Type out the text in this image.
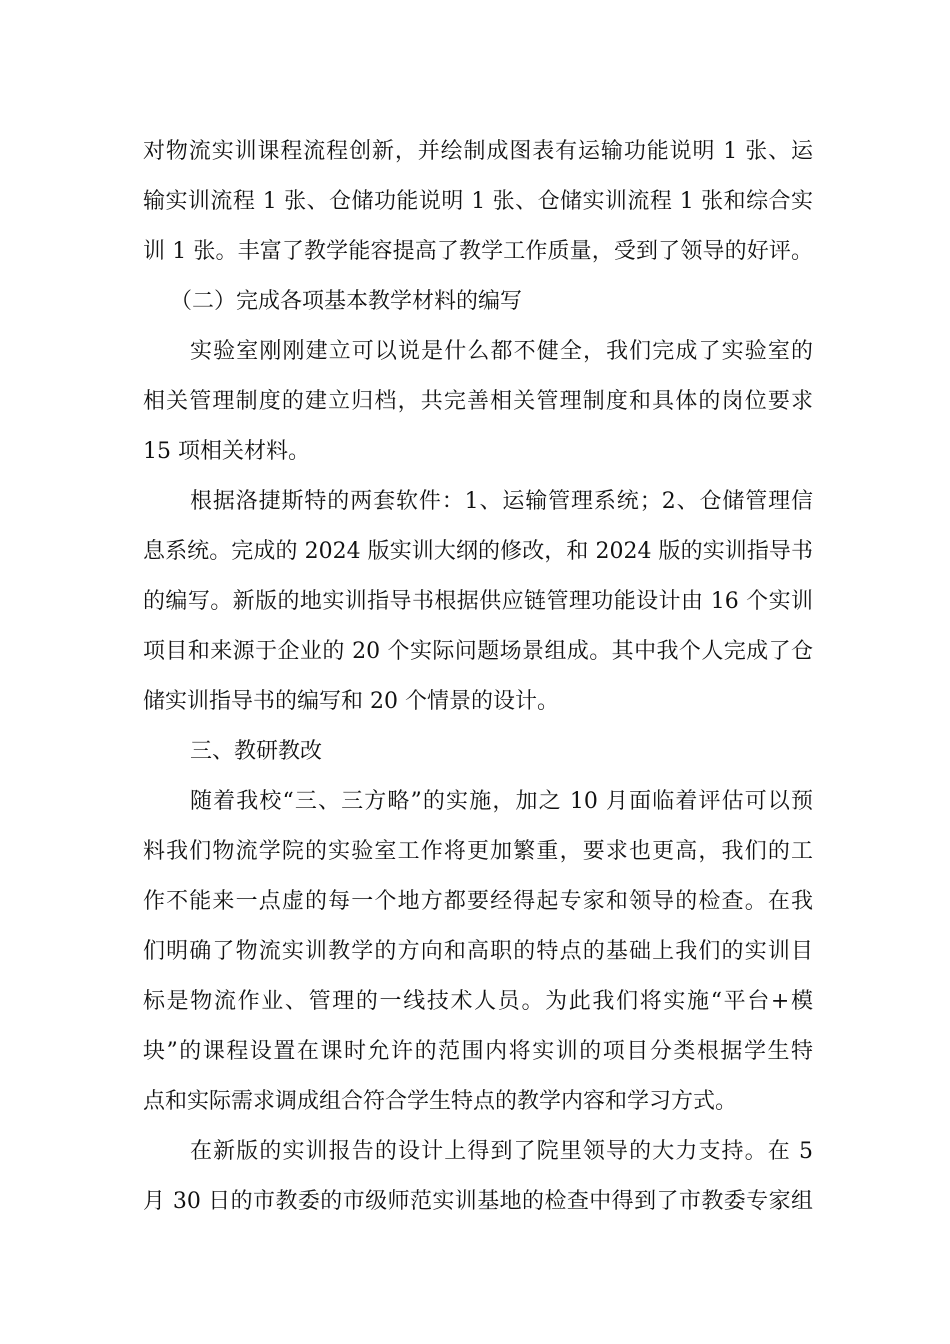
对物流实训课程流程创新，并绘制成图表有运输功能说明 1 张、运
输实训流程 1 张、仓储功能说明 1 张、仓储实训流程 1 张和综合实
训 1 张。丰富了教学能容提高了教学工作质量，受到了领导的好评。
（二）完成各项基本教学材料的编写
实验室刚刚建立可以说是什么都不健全，我们完成了实验室的
相关管理制度的建立归档，共完善相关管理制度和具体的岗位要求
15 项相关材料。
根据洛捷斯特的两套软件：1、运输管理系统；2、仓储管理信
息系统。完成的 2024 版实训大纲的修改，和 2024 版的实训指导书
的编写。新版的地实训指导书根据供应链管理功能设计由 16 个实训
项目和来源于企业的 20 个实际问题场景组成。其中我个人完成了仓
储实训指导书的编写和 20 个情景的设计。
三、教研教改
随着我校“三、三方略”的实施，加之 10 月面临着评估可以预
料我们物流学院的实验室工作将更加繁重，要求也更高，我们的工
作不能来一点虚的每一个地方都要经得起专家和领导的检查。在我
们明确了物流实训教学的方向和高职的特点的基础上我们的实训目
标是物流作业、管理的一线技术人员。为此我们将实施“平台+模
块”的课程设置在课时允许的范围内将实训的项目分类根据学生特
点和实际需求调成组合符合学生特点的教学内容和学习方式。
在新版的实训报告的设计上得到了院里领导的大力支持。在 5
月 30 日的市教委的市级师范实训基地的检查中得到了市教委专家组
